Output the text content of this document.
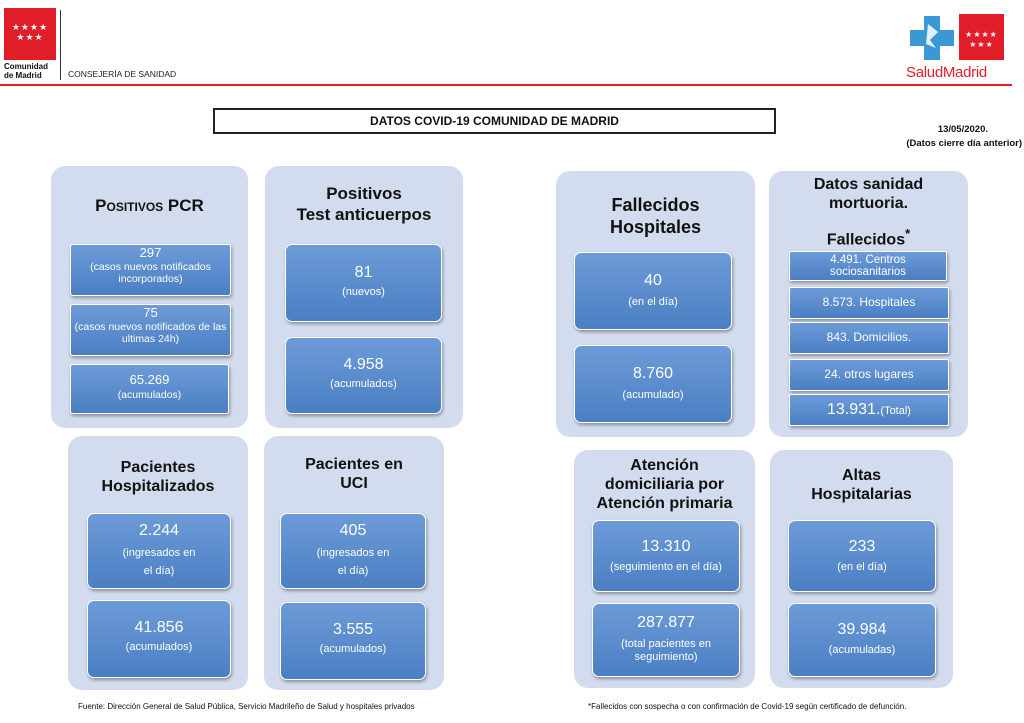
★★★★
★★★
Comunidad
de Madrid	CONSEJERÍA DE SANIDAD
★★★★
★★★
SaludMadrid
DATOS COVID-19 COMUNIDAD DE MADRID
13/05/2020.
(Datos cierre día anterior)
Positivos PCR
297
(casos nuevos notificados incorporados)
75
(casos nuevos notificados de las ultimas 24h)
65.269
(acumulados)
Positivos
Test anticuerpos
81
(nuevos)
4.958
(acumulados)
Pacientes
Hospitalizados
2.244
(ingresados en
el día)
41.856
(acumulados)
Pacientes en
UCI
405
(ingresados en
el día)
3.555
(acumulados)
Fallecidos
Hospitales
40
(en el día)
8.760
(acumulado)
Datos sanidad
mortuoria.
Fallecidos*
4.491. Centros
sociosanitarios
8.573. Hospitales
843. Domicilios.
24. otros lugares
13.931.(Total)
Atención
domiciliaria por
Atención primaria
13.310
(seguimiento en el día)
287.877
(total pacientes en
seguimiento)
Altas
Hospitalarias
233
(en el día)
39.984
(acumuladas)
Fuente: Dirección General de Salud Pública, Servicio Madrileño de Salud y hospitales privados	*Fallecidos con sospecha o con confirmación de Covid-19 según certificado de defunción.
